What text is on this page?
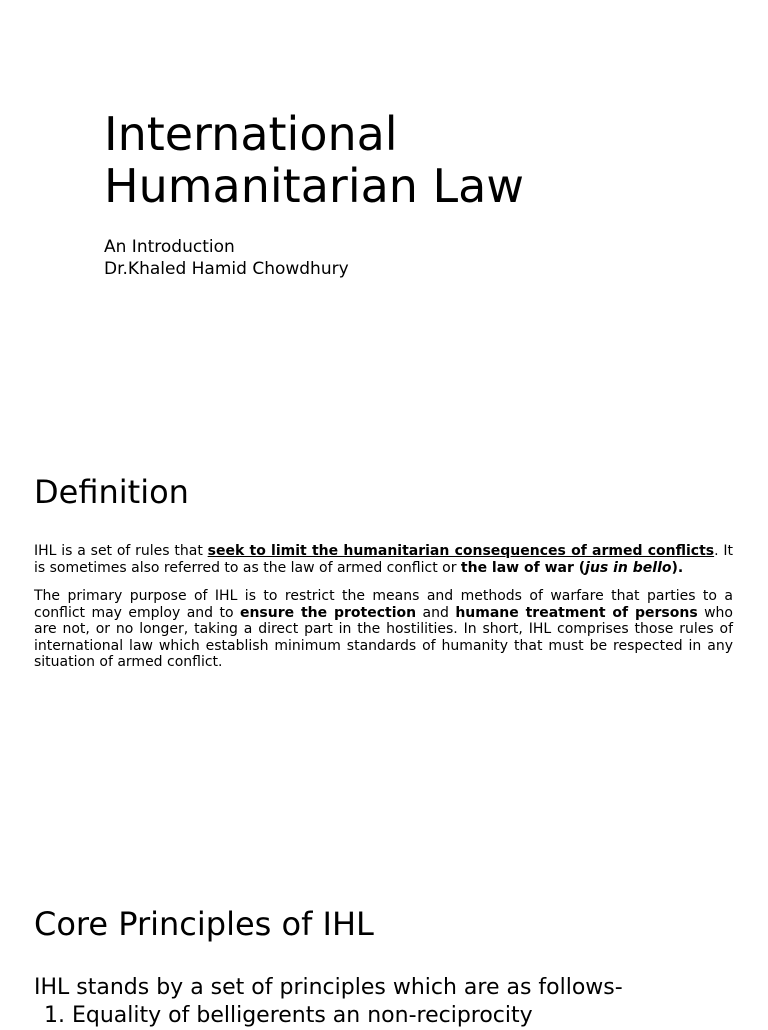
International
Humanitarian Law
An Introduction
Dr.Khaled Hamid Chowdhury
Definition

IHL is a set of rules that seek to limit the humanitarian consequences of armed conflicts. It is sometimes also referred to as the law of armed conflict or the law of war (jus in bello).

The primary purpose of IHL is to restrict the means and methods of warfare that parties to a conflict may employ and to ensure the protection and humane treatment of persons who are not, or no longer, taking a direct part in the hostilities. In short, IHL comprises those rules of international law which establish minimum standards of humanity that must be respected in any situation of armed conflict.

Core Principles of IHL

IHL stands by a set of principles which are as follows-

1. Equality of belligerents an non-reciprocity
